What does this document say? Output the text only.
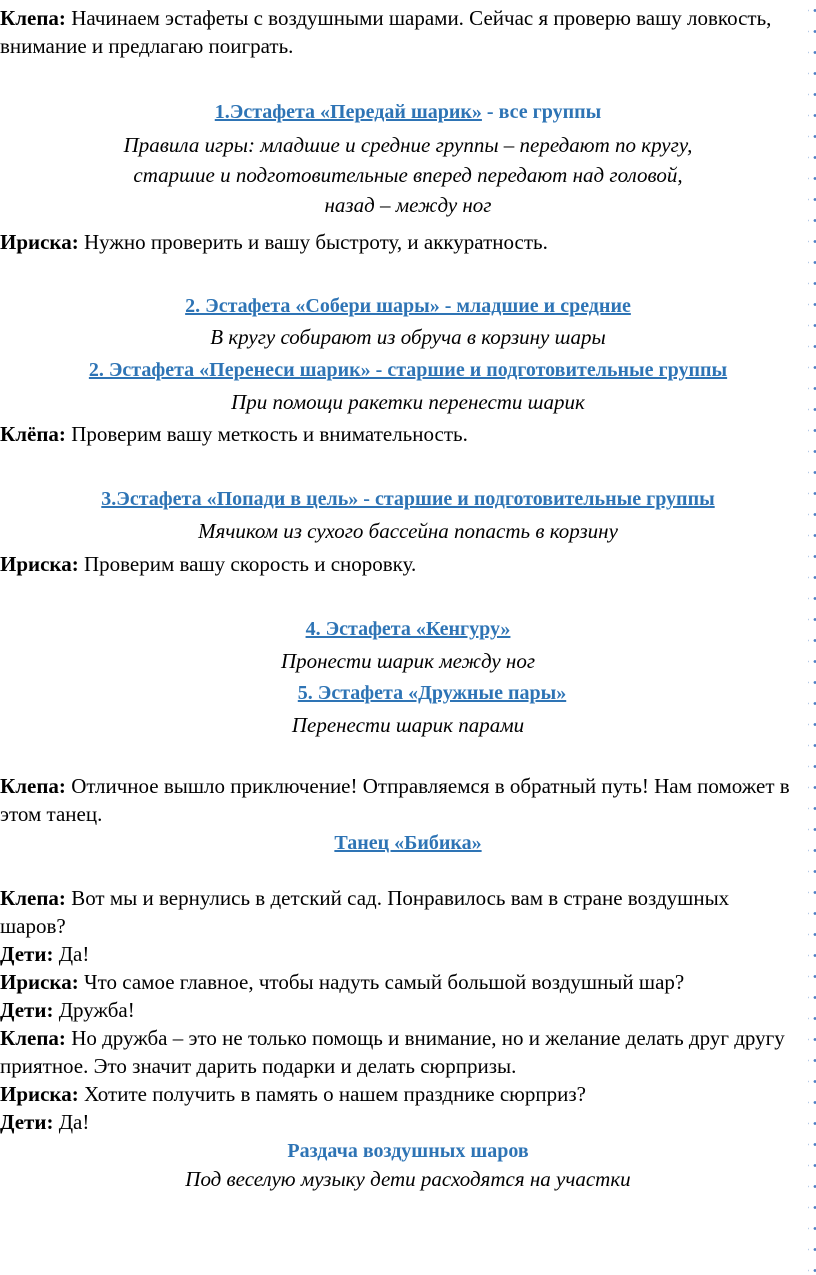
Клепа: Начинаем эстафеты с воздушными шарами. Сейчас я проверю вашу ловкость, внимание и предлагаю поиграть.

1.Эстафета «Передай шарик» - все группы
Правила игры: младшие и средние группы – передают по кругу,
старшие и подготовительные вперед передают над головой,
назад – между ног

Ириска: Нужно проверить и вашу быстроту, и аккуратность.

2. Эстафета «Собери шары» - младшие и средние
В кругу собирают из обруча в корзину шары
2. Эстафета «Перенеси шарик» - старшие и подготовительные группы
При помощи ракетки перенести шарик

Клёпа: Проверим вашу меткость и внимательность.

3.Эстафета «Попади в цель» - старшие и подготовительные группы
Мячиком из сухого бассейна попасть в корзину

Ириска: Проверим вашу скорость и сноровку.

4. Эстафета «Кенгуру»
Пронести шарик между ног
5. Эстафета «Дружные пары»
Перенести шарик парами

Клепа: Отличное вышло приключение! Отправляемся в обратный путь! Нам поможет в этом танец.

Танец «Бибика»

Клепа: Вот мы и вернулись в детский сад. Понравилось вам в стране воздушных шаров?

Дети: Да!

Ириска: Что самое главное, чтобы надуть самый большой воздушный шар?

Дети: Дружба!

Клепа: Но дружба – это не только помощь и внимание, но и желание делать друг другу приятное. Это значит дарить подарки и делать сюрпризы.

Ириска: Хотите получить в память о нашем празднике сюрприз?

Дети: Да!

Раздача воздушных шаров
Под веселую музыку дети расходятся на участки
